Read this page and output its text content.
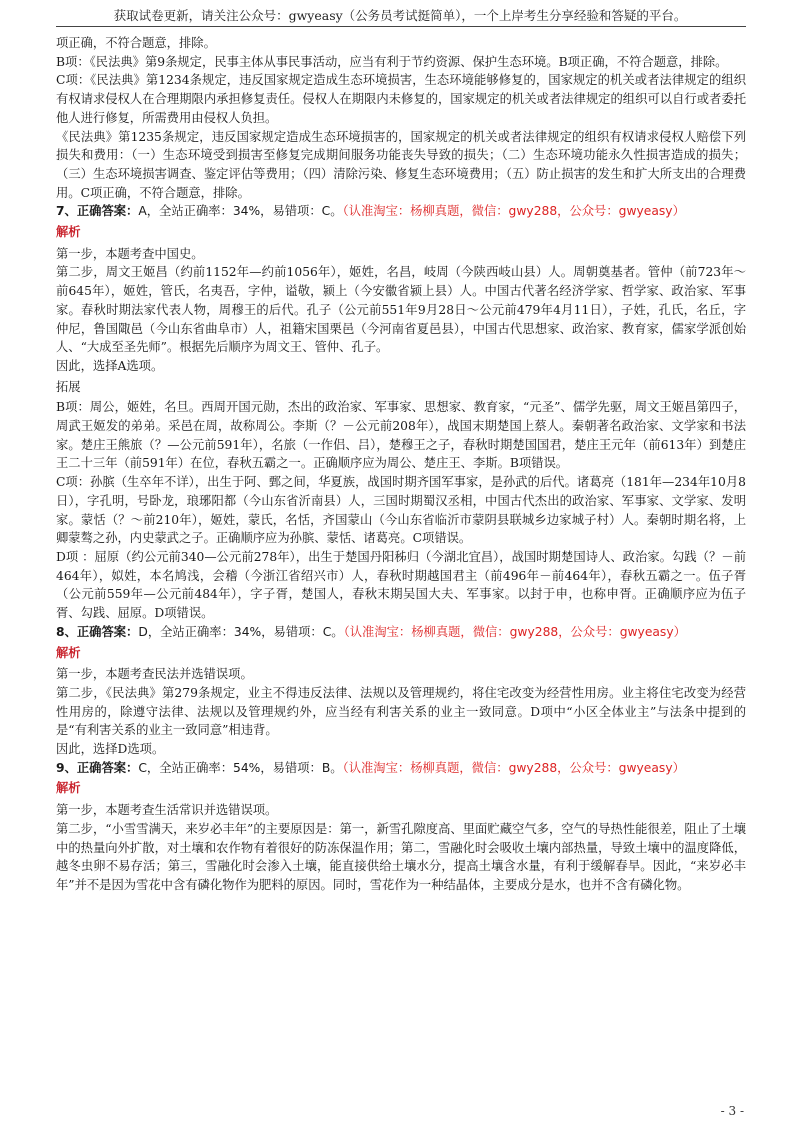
获取试卷更新，请关注公众号：gwyeasy（公务员考试挺简单），一个上岸考生分享经验和答疑的平台。

项正确，不符合题意，排除。

B项：《民法典》第9条规定，民事主体从事民事活动，应当有利于节约资源、保护生态环境。B项正确，不符合题意，排除。

C项：《民法典》第1234条规定，违反国家规定造成生态环境损害，生态环境能够修复的，国家规定的机关或者法律规定的组织有权请求侵权人在合理期限内承担修复责任。侵权人在期限内未修复的，国家规定的机关或者法律规定的组织可以自行或者委托他人进行修复，所需费用由侵权人负担。

《民法典》第1235条规定，违反国家规定造成生态环境损害的，国家规定的机关或者法律规定的组织有权请求侵权人赔偿下列损失和费用：（一）生态环境受到损害至修复完成期间服务功能丧失导致的损失；（二）生态环境功能永久性损害造成的损失；（三）生态环境损害调查、鉴定评估等费用；（四）清除污染、修复生态环境费用；（五）防止损害的发生和扩大所支出的合理费用。C项正确，不符合题意，排除。

7、正确答案：A，全站正确率：34%，易错项：C。（认准淘宝：杨柳真题，微信：gwy288，公众号：gwyeasy）

解析

第一步，本题考查中国史。

第二步，周文王姬昌（约前1152年—约前1056年），姬姓，名昌，岐周（今陕西岐山县）人。周朝奠基者。管仲（前723年～前645年），姬姓，管氏，名夷吾，字仲，谥敬，颍上（今安徽省颍上县）人。中国古代著名经济学家、哲学家、政治家、军事家。春秋时期法家代表人物，周穆王的后代。孔子（公元前551年9月28日～公元前479年4月11日），子姓，孔氏，名丘，字仲尼，鲁国陬邑（今山东省曲阜市）人，祖籍宋国栗邑（今河南省夏邑县），中国古代思想家、政治家、教育家，儒家学派创始人、“大成至圣先师”。根据先后顺序为周文王、管仲、孔子。

因此，选择A选项。

拓展

B项：周公，姬姓，名旦。西周开国元勋，杰出的政治家、军事家、思想家、教育家，“元圣”、儒学先驱，周文王姬昌第四子，周武王姬发的弟弟。采邑在周，故称周公。李斯（？－公元前208年），战国末期楚国上蔡人。秦朝著名政治家、文学家和书法家。楚庄王熊旅（？—公元前591年），名旅（一作侣、吕），楚穆王之子，春秋时期楚国国君，楚庄王元年（前613年）到楚庄王二十三年（前591年）在位，春秋五霸之一。正确顺序应为周公、楚庄王、李斯。B项错误。

C项：孙膑（生卒年不详），出生于阿、鄄之间，华夏族，战国时期齐国军事家，是孙武的后代。诸葛亮（181年—234年10月8日），字孔明，号卧龙，琅琊阳都（今山东省沂南县）人，三国时期蜀汉丞相，中国古代杰出的政治家、军事家、文学家、发明家。蒙恬（？～前210年），姬姓，蒙氏，名恬，齐国蒙山（今山东省临沂市蒙阴县联城乡边家城子村）人。秦朝时期名将，上卿蒙骜之孙，内史蒙武之子。正确顺序应为孙膑、蒙恬、诸葛亮。C项错误。

D项 ：屈原（约公元前340—公元前278年），出生于楚国丹阳秭归（今湖北宜昌），战国时期楚国诗人、政治家。勾践（？－前464年），姒姓，本名鸠浅，会稽（今浙江省绍兴市）人，春秋时期越国君主（前496年－前464年），春秋五霸之一。伍子胥（公元前559年—公元前484年），字子胥，楚国人，春秋末期吴国大夫、军事家。以封于申，也称申胥。正确顺序应为伍子胥、勾践、屈原。D项错误。

8、正确答案：D，全站正确率：34%，易错项：C。（认准淘宝：杨柳真题，微信：gwy288，公众号：gwyeasy）

解析

第一步，本题考查民法并选错误项。

第二步，《民法典》第279条规定，业主不得违反法律、法规以及管理规约，将住宅改变为经营性用房。业主将住宅改变为经营性用房的，除遵守法律、法规以及管理规约外，应当经有利害关系的业主一致同意。D项中“小区全体业主”与法条中提到的是“有利害关系的业主一致同意”相违背。

因此，选择D选项。

9、正确答案：C，全站正确率：54%，易错项：B。（认准淘宝：杨柳真题，微信：gwy288，公众号：gwyeasy）

解析

第一步，本题考查生活常识并选错误项。

第二步，“小雪雪满天，来岁必丰年”的主要原因是：第一，新雪孔隙度高、里面贮藏空气多，空气的导热性能很差，阻止了土壤中的热量向外扩散，对土壤和农作物有着很好的防冻保温作用；第二，雪融化时会吸收土壤内部热量，导致土壤中的温度降低，越冬虫卵不易存活；第三，雪融化时会渗入土壤，能直接供给土壤水分，提高土壤含水量，有利于缓解春旱。因此，“来岁必丰年”并不是因为雪花中含有磷化物作为肥料的原因。同时，雪花作为一种结晶体，主要成分是水，也并不含有磷化物。

- 3 -
